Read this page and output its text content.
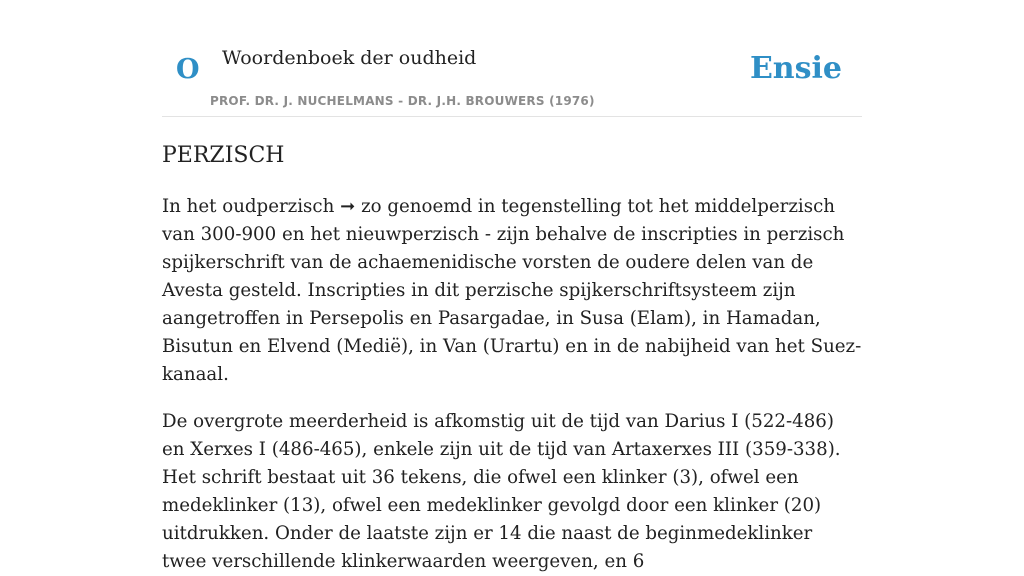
O Woordenboek der oudheid
PROF. DR. J. NUCHELMANS - DR. J.H. BROUWERS (1976)
Ensie
PERZISCH

In het oudperzisch ➞ zo genoemd in tegenstelling tot het middelperzisch van 300-900 en het nieuwperzisch - zijn behalve de inscripties in perzisch spijkerschrift van de achaemenidische vorsten de oudere delen van de Avesta gesteld. Inscripties in dit perzische spijkerschriftsysteem zijn aangetroffen in Persepolis en Pasargadae, in Susa (Elam), in Hamadan, Bisutun en Elvend (Medië), in Van (Urartu) en in de nabijheid van het Suez-kanaal.

De overgrote meerderheid is afkomstig uit de tijd van Darius I (522-486) en Xerxes I (486-465), enkele zijn uit de tijd van Artaxerxes III (359-338). Het schrift bestaat uit 36 tekens, die ofwel een klinker (3), ofwel een medeklinker (13), ofwel een medeklinker gevolgd door een klinker (20) uitdrukken. Onder de laatste zijn er 14 die naast de beginmedeklinker twee verschillende klinkerwaarden weergeven, en 6
